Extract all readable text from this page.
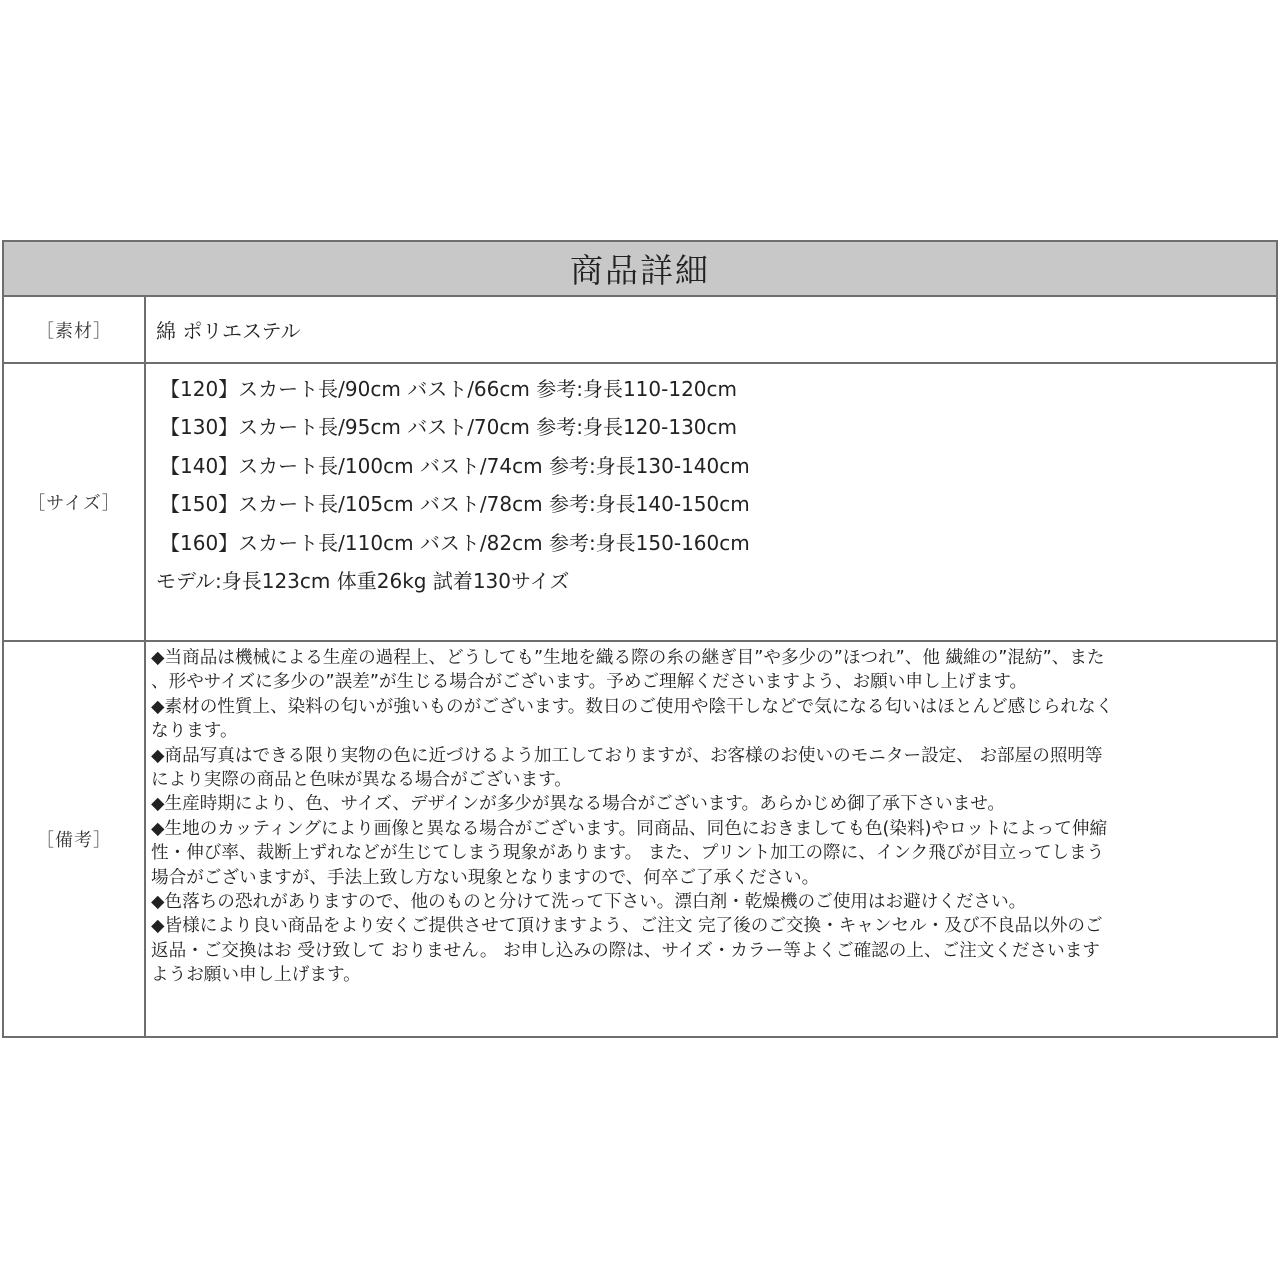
商品詳細
［素材］	綿 ポリエステル
［サイズ］
【120】スカート長/90cm バスト/66cm 参考:身長110-120cm
【130】スカート長/95cm バスト/70cm 参考:身長120-130cm
【140】スカート長/100cm バスト/74cm 参考:身長130-140cm
【150】スカート長/105cm バスト/78cm 参考:身長140-150cm
【160】スカート長/110cm バスト/82cm 参考:身長150-160cm
モデル:身長123cm 体重26kg 試着130サイズ
［備考］
◆当商品は機械による生産の過程上、どうしても”生地を織る際の糸の継ぎ目”や多少の”ほつれ”、他 繊維の”混紡”、また
、形やサイズに多少の”誤差”が生じる場合がございます。予めご理解くださいますよう、お願い申し上げます。
◆素材の性質上、染料の匂いが強いものがございます。数日のご使用や陰干しなどで気になる匂いはほとんど感じられなく
なります。
◆商品写真はできる限り実物の色に近づけるよう加工しておりますが、お客様のお使いのモニター設定、 お部屋の照明等
により実際の商品と色味が異なる場合がございます。
◆生産時期により、色、サイズ、デザインが多少が異なる場合がございます。あらかじめ御了承下さいませ。
◆生地のカッティングにより画像と異なる場合がございます。同商品、同色におきましても色(染料)やロットによって伸縮
性・伸び率、裁断上ずれなどが生じてしまう現象があります。 また、プリント加工の際に、インク飛びが目立ってしまう
場合がございますが、手法上致し方ない現象となりますので、何卒ご了承ください。
◆色落ちの恐れがありますので、他のものと分けて洗って下さい。漂白剤・乾燥機のご使用はお避けください。
◆皆様により良い商品をより安くご提供させて頂けますよう、ご注文 完了後のご交換・キャンセル・及び不良品以外のご
返品・ご交換はお 受け致して おりません。 お申し込みの際は、サイズ・カラー等よくご確認の上、ご注文くださいます
ようお願い申し上げます。
